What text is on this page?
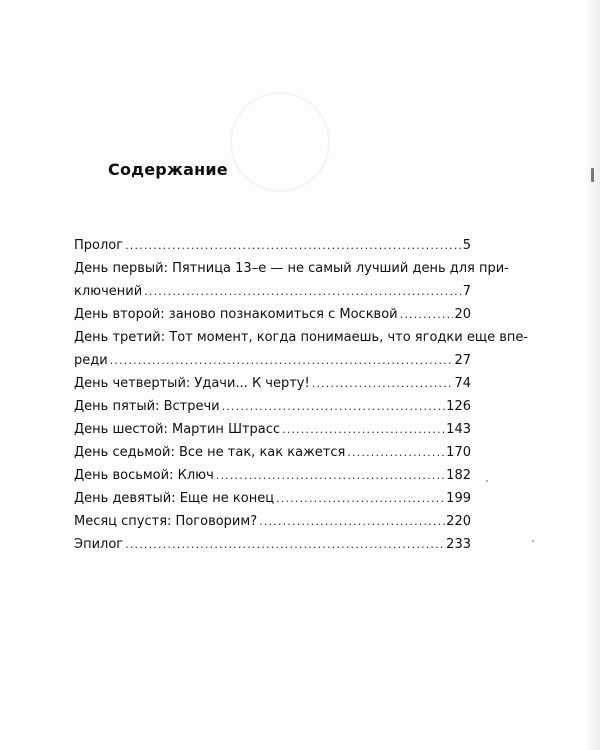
Содержание
Пролог .....	5
День первый: Пятница 13–е — не самый лучший день для при-
ключений .....	7
День второй: заново познакомиться с Москвой .....	20
День третий: Тот момент, когда понимаешь, что ягодки еще впе-
реди .....	27
День четвертый: Удачи... К черту! .....	74
День пятый: Встречи .....	126
День шестой: Мартин Штрасс .....	143
День седьмой: Все не так, как кажется .....	170
День восьмой: Ключ .....	182
День девятый: Еще не конец .....	199
Месяц спустя: Поговорим? .....	220
Эпилог .....	233
